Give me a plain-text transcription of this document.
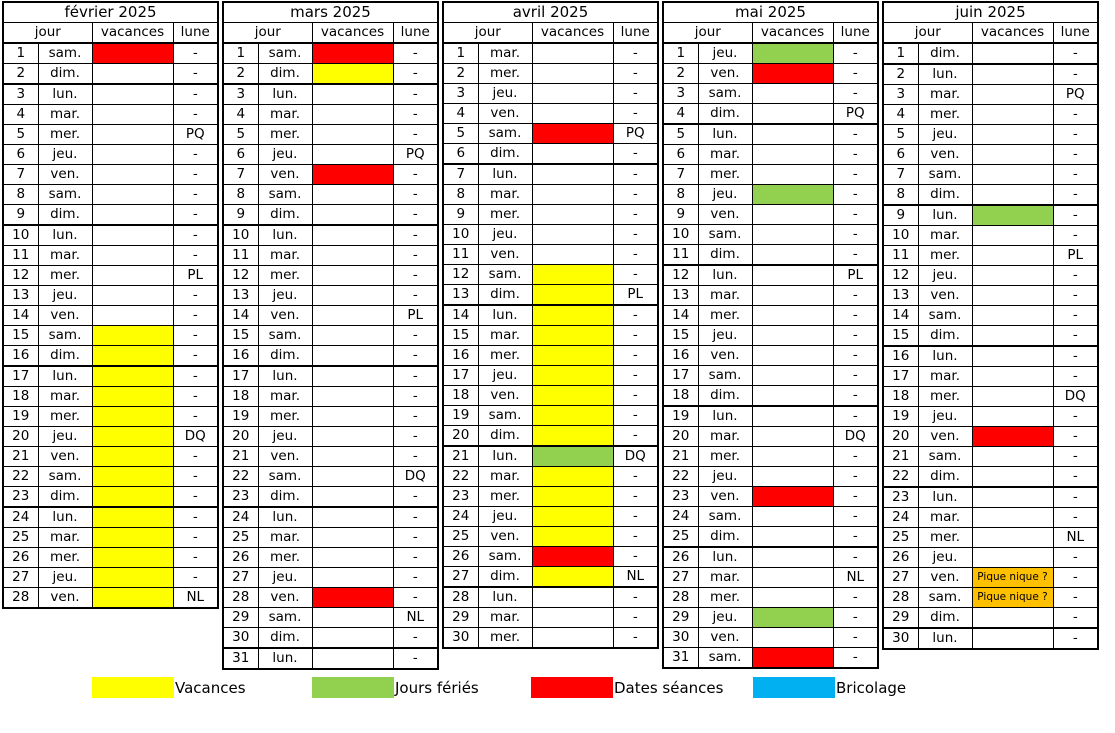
février 2025			
jour		vacances	lune
1	sam.		-
2	dim.		-
3	lun.		-
4	mar.		-
5	mer.		PQ
6	jeu.		-
7	ven.		-
8	sam.		-
9	dim.		-
10	lun.		-
11	mar.		-
12	mer.		PL
13	jeu.		-
14	ven.		-
15	sam.		-
16	dim.		-
17	lun.		-
18	mar.		-
19	mer.		-
20	jeu.		DQ
21	ven.		-
22	sam.		-
23	dim.		-
24	lun.		-
25	mar.		-
26	mer.		-
27	jeu.		-
28	ven.		NL
mars 2025			
jour		vacances	lune
1	sam.		-
2	dim.		-
3	lun.		-
4	mar.		-
5	mer.		-
6	jeu.		PQ
7	ven.		-
8	sam.		-
9	dim.		-
10	lun.		-
11	mar.		-
12	mer.		-
13	jeu.		-
14	ven.		PL
15	sam.		-
16	dim.		-
17	lun.		-
18	mar.		-
19	mer.		-
20	jeu.		-
21	ven.		-
22	sam.		DQ
23	dim.		-
24	lun.		-
25	mar.		-
26	mer.		-
27	jeu.		-
28	ven.		-
29	sam.		NL
30	dim.		-
31	lun.		-
avril 2025			
jour		vacances	lune
1	mar.		-
2	mer.		-
3	jeu.		-
4	ven.		-
5	sam.		PQ
6	dim.		-
7	lun.		-
8	mar.		-
9	mer.		-
10	jeu.		-
11	ven.		-
12	sam.		-
13	dim.		PL
14	lun.		-
15	mar.		-
16	mer.		-
17	jeu.		-
18	ven.		-
19	sam.		-
20	dim.		-
21	lun.		DQ
22	mar.		-
23	mer.		-
24	jeu.		-
25	ven.		-
26	sam.		-
27	dim.		NL
28	lun.		-
29	mar.		-
30	mer.		-
mai 2025			
jour		vacances	lune
1	jeu.		-
2	ven.		-
3	sam.		-
4	dim.		PQ
5	lun.		-
6	mar.		-
7	mer.		-
8	jeu.		-
9	ven.		-
10	sam.		-
11	dim.		-
12	lun.		PL
13	mar.		-
14	mer.		-
15	jeu.		-
16	ven.		-
17	sam.		-
18	dim.		-
19	lun.		-
20	mar.		DQ
21	mer.		-
22	jeu.		-
23	ven.		-
24	sam.		-
25	dim.		-
26	lun.		-
27	mar.		NL
28	mer.		-
29	jeu.		-
30	ven.		-
31	sam.		-
juin 2025			
jour		vacances	lune
1	dim.		-
2	lun.		-
3	mar.		PQ
4	mer.		-
5	jeu.		-
6	ven.		-
7	sam.		-
8	dim.		-
9	lun.		-
10	mar.		-
11	mer.		PL
12	jeu.		-
13	ven.		-
14	sam.		-
15	dim.		-
16	lun.		-
17	mar.		-
18	mer.		DQ
19	jeu.		-
20	ven.		-
21	sam.		-
22	dim.		-
23	lun.		-
24	mar.		-
25	mer.		NL
26	jeu.		-
27	ven.	Pique nique ?	-
28	sam.	Pique nique ?	-
29	dim.		-
30	lun.		-
Vacances	Jours fériés	Dates séances	Bricolage
